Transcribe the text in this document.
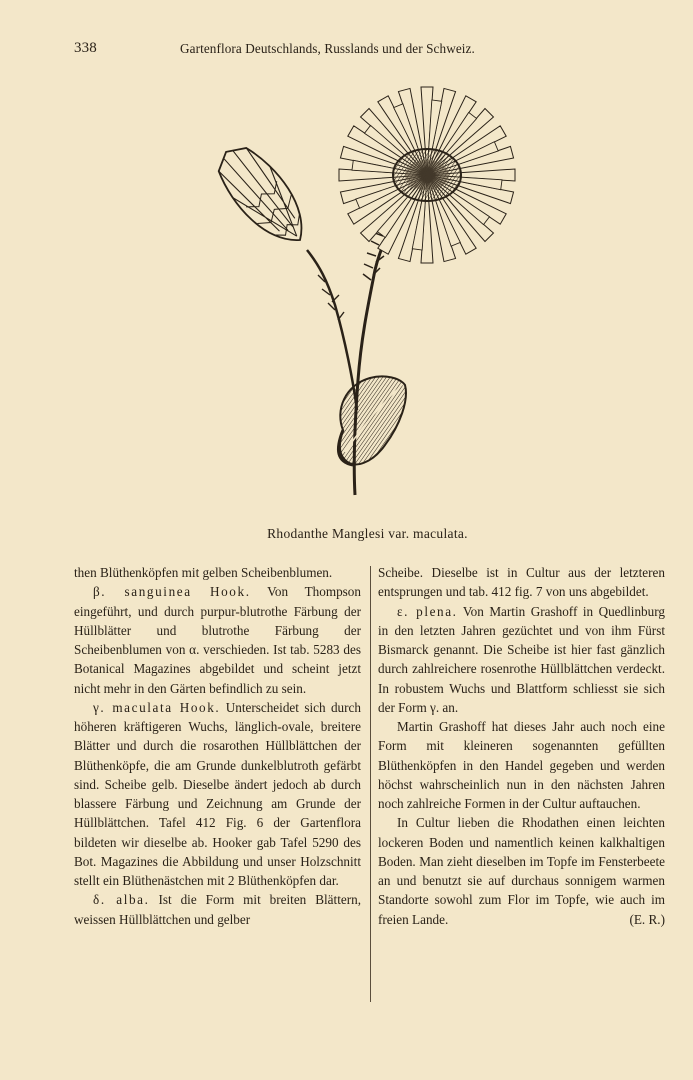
338	Gartenflora Deutschlands, Russlands und der Schweiz.
Rhodanthe Manglesi var. maculata.

then Blüthenköpfen mit gelben Scheibenblumen.

β. sanguinea Hook. Von Thompson eingeführt, und durch purpur-blutrothe Färbung der Hüllblätter und blutrothe Färbung der Scheibenblumen von α. verschieden. Ist tab. 5283 des Botanical Magazines abgebildet und scheint jetzt nicht mehr in den Gärten befindlich zu sein.

γ. maculata Hook. Unterscheidet sich durch höheren kräftigeren Wuchs, länglich-ovale, breitere Blätter und durch die rosarothen Hüllblättchen der Blüthenköpfe, die am Grunde dunkelblutroth gefärbt sind. Scheibe gelb. Dieselbe ändert jedoch ab durch blassere Färbung und Zeichnung am Grunde der Hüllblättchen. Tafel 412 Fig. 6 der Gartenflora bildeten wir dieselbe ab. Hooker gab Tafel 5290 des Bot. Magazines die Abbildung und unser Holzschnitt stellt ein Blüthenästchen mit 2 Blüthenköpfen dar.

δ. alba. Ist die Form mit breiten Blättern, weissen Hüllblättchen und gelber

Scheibe. Dieselbe ist in Cultur aus der letzteren entsprungen und tab. 412 fig. 7 von uns abgebildet.

ε. plena. Von Martin Grashoff in Quedlinburg in den letzten Jahren gezüchtet und von ihm Fürst Bismarck genannt. Die Scheibe ist hier fast gänzlich durch zahlreichere rosenrothe Hüllblättchen verdeckt. In robustem Wuchs und Blattform schliesst sie sich der Form γ. an.

Martin Grashoff hat dieses Jahr auch noch eine Form mit kleineren sogenannten gefüllten Blüthenköpfen in den Handel gegeben und werden höchst wahrscheinlich nun in den nächsten Jahren noch zahlreiche Formen in der Cultur auftauchen.

In Cultur lieben die Rhodathen einen leichten lockeren Boden und namentlich keinen kalkhaltigen Boden. Man zieht dieselben im Topfe im Fensterbeete an und benutzt sie auf durchaus sonnigem warmen Standorte sowohl zum Flor im Topfe, wie auch im freien Lande.	(E. R.)
